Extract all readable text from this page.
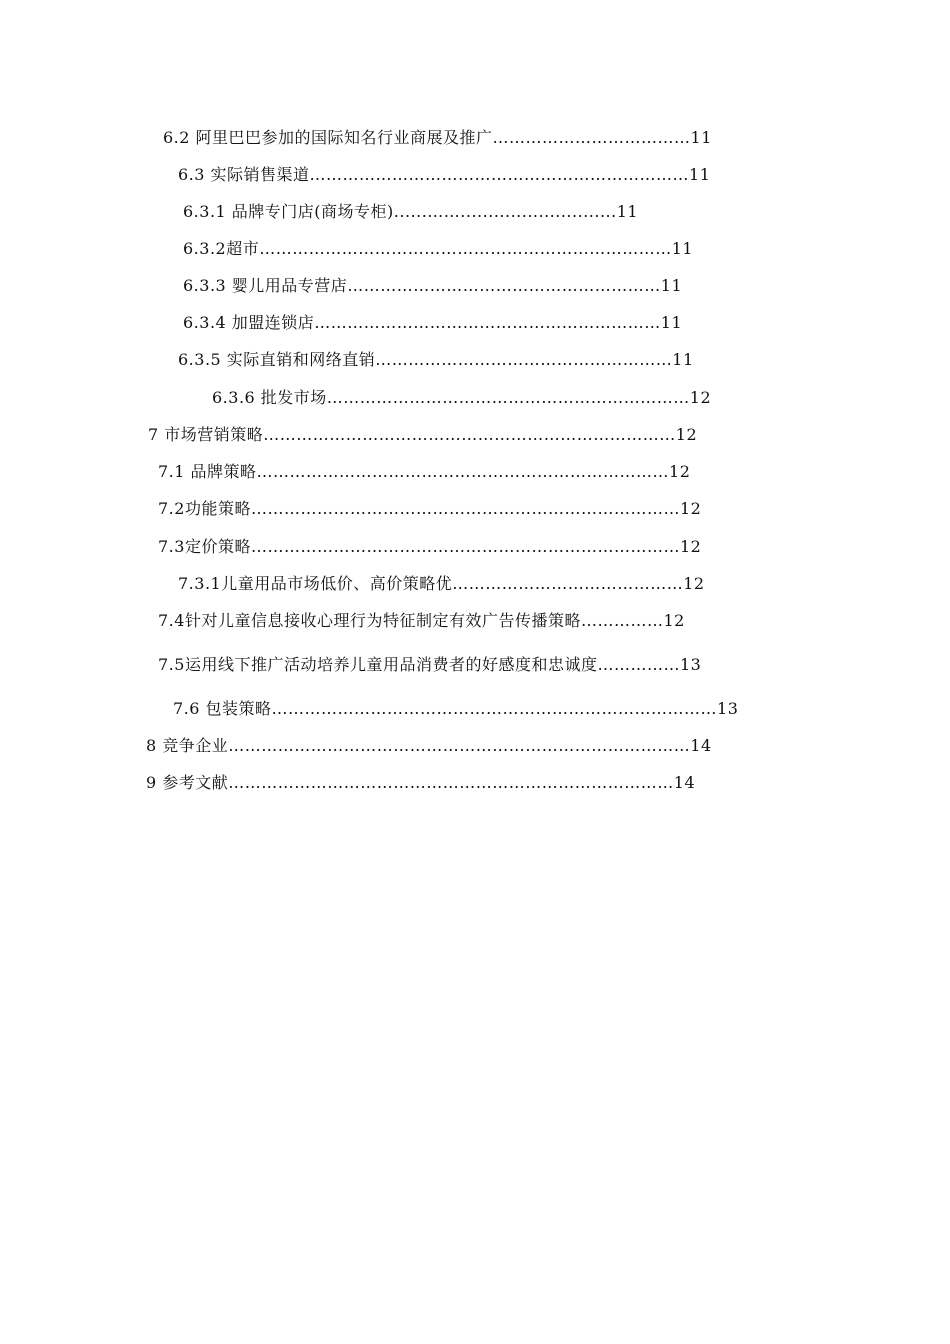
6.2 阿里巴巴参加的国际知名行业商展及推广………………………………11
6.3 实际销售渠道……………………………………………………………11
6.3.1 品牌专门店(商场专柜)......……............................11
6.3.2超市…………………………………………………………………11
6.3.3 婴儿用品专营店…………………………………………………11
6.3.4 加盟连锁店………………………………………………………11
6.3.5 实际直销和网络直销………………………………………………11
6.3.6 批发市场…………………………………………………………12
7 市场营销策略…………………………………………………………………12
7.1 品牌策略…………………………………………………………………12
7.2功能策略……………………………………………………………………12
7.3定价策略……………………………………………………………………12
7.3.1儿童用品市场低价、高价策略优……………………………………12
7.4针对儿童信息接收心理行为特征制定有效广告传播策略……………12
7.5运用线下推广活动培养儿童用品消费者的好感度和忠诚度……………13
7.6 包装策略………………………………………………………………………13
8 竞争企业…………………………………………………………………………14
9 参考文献………………………………………………………………………14
